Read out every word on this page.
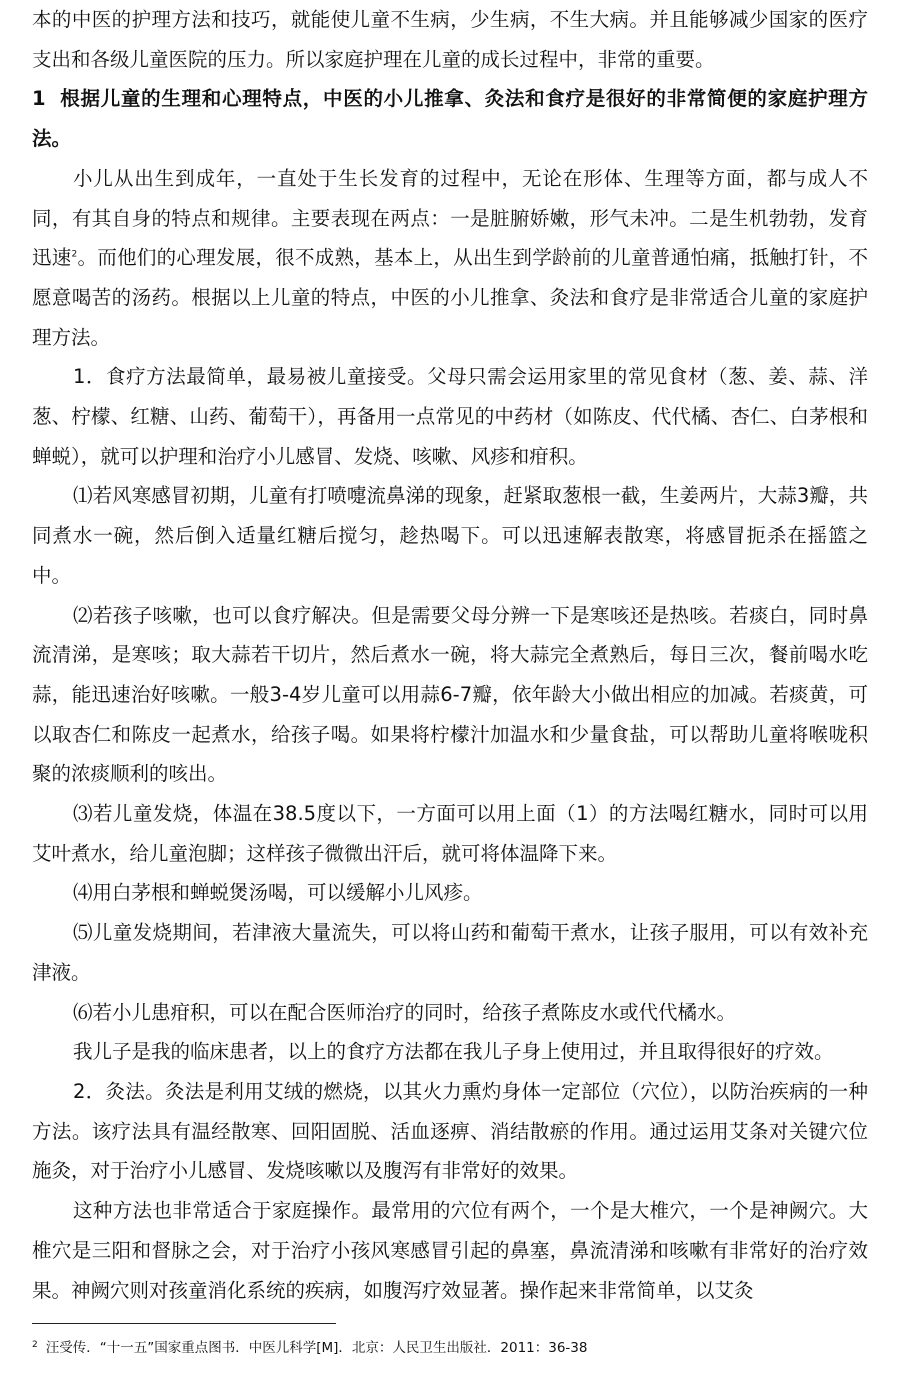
本的中医的护理方法和技巧，就能使儿童不生病，少生病，不生大病。并且能够减少国家的医疗支出和各级儿童医院的压力。所以家庭护理在儿童的成长过程中，非常的重要。

1 根据儿童的生理和心理特点，中医的小儿推拿、灸法和食疗是很好的非常简便的家庭护理方法。

小儿从出生到成年，一直处于生长发育的过程中，无论在形体、生理等方面，都与成人不同，有其自身的特点和规律。主要表现在两点：一是脏腑娇嫩，形气未冲。二是生机勃勃，发育迅速$^2$。而他们的心理发展，很不成熟，基本上，从出生到学龄前的儿童普通怕痛，抵触打针，不愿意喝苦的汤药。根据以上儿童的特点，中医的小儿推拿、灸法和食疗是非常适合儿童的家庭护理方法。

1．食疗方法最简单，最易被儿童接受。父母只需会运用家里的常见食材（葱、姜、蒜、洋葱、柠檬、红糖、山药、葡萄干），再备用一点常见的中药材（如陈皮、代代橘、杏仁、白茅根和蝉蜕），就可以护理和治疗小儿感冒、发烧、咳嗽、风疹和疳积。

⑴若风寒感冒初期，儿童有打喷嚏流鼻涕的现象，赶紧取葱根一截，生姜两片，大蒜3瓣，共同煮水一碗，然后倒入适量红糖后搅匀，趁热喝下。可以迅速解表散寒，将感冒扼杀在摇篮之中。

⑵若孩子咳嗽，也可以食疗解决。但是需要父母分辨一下是寒咳还是热咳。若痰白，同时鼻流清涕，是寒咳；取大蒜若干切片，然后煮水一碗，将大蒜完全煮熟后，每日三次，餐前喝水吃蒜，能迅速治好咳嗽。一般3-4岁儿童可以用蒜6-7瓣，依年龄大小做出相应的加减。若痰黄，可以取杏仁和陈皮一起煮水，给孩子喝。如果将柠檬汁加温水和少量食盐，可以帮助儿童将喉咙积聚的浓痰顺利的咳出。

⑶若儿童发烧，体温在38.5度以下，一方面可以用上面（1）的方法喝红糖水，同时可以用艾叶煮水，给儿童泡脚；这样孩子微微出汗后，就可将体温降下来。

⑷用白茅根和蝉蜕煲汤喝，可以缓解小儿风疹。

⑸儿童发烧期间，若津液大量流失，可以将山药和葡萄干煮水，让孩子服用，可以有效补充津液。

⑹若小儿患疳积，可以在配合医师治疗的同时，给孩子煮陈皮水或代代橘水。

我儿子是我的临床患者，以上的食疗方法都在我儿子身上使用过，并且取得很好的疗效。

2．灸法。灸法是利用艾绒的燃烧，以其火力熏灼身体一定部位（穴位），以防治疾病的一种方法。该疗法具有温经散寒、回阳固脱、活血逐痹、消结散瘀的作用。通过运用艾条对关键穴位施灸，对于治疗小儿感冒、发烧咳嗽以及腹泻有非常好的效果。

这种方法也非常适合于家庭操作。最常用的穴位有两个，一个是大椎穴，一个是神阙穴。大椎穴是三阳和督脉之会，对于治疗小孩风寒感冒引起的鼻塞，鼻流清涕和咳嗽有非常好的治疗效果。神阙穴则对孩童消化系统的疾病，如腹泻疗效显著。操作起来非常简单，以艾灸

$^2$ 汪受传．“十一五”国家重点图书．中医儿科学[M]．北京：人民卫生出版社．2011：36-38
